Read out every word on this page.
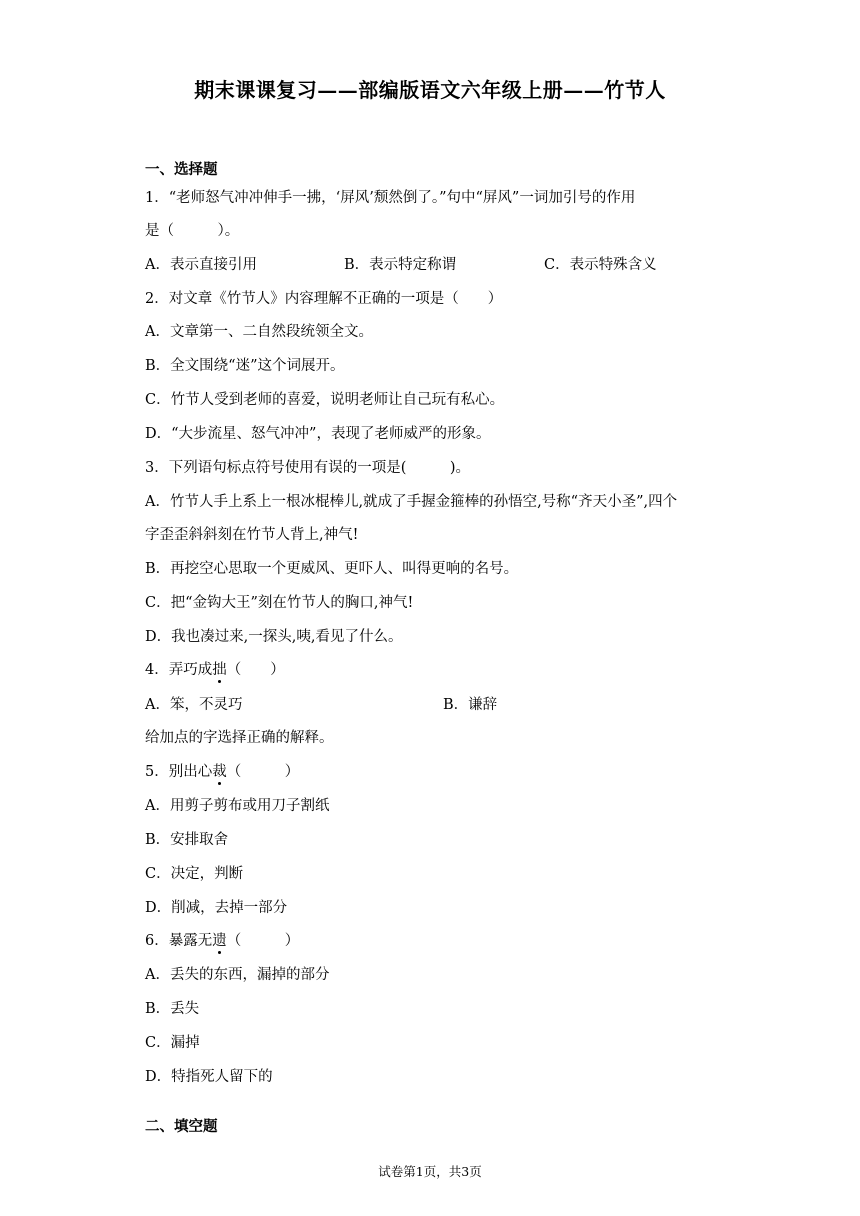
期末课课复习——部编版语文六年级上册——竹节人
一、选择题
1．“老师怒气冲冲伸手一拂，‘屏风’颓然倒了。”句中“屏风”一词加引号的作用
是（　　　）。
A．表示直接引用	B．表示特定称谓	C．表示特殊含义
2．对文章《竹节人》内容理解不正确的一项是（　　）
A．文章第一、二自然段统领全文。
B．全文围绕“迷”这个词展开。
C．竹节人受到老师的喜爱，说明老师让自己玩有私心。
D．“大步流星、怒气冲冲”，表现了老师威严的形象。
3．下列语句标点符号使用有误的一项是(　　　)。
A．竹节人手上系上一根冰棍棒儿,就成了手握金箍棒的孙悟空,号称“齐天小圣”,四个
字歪歪斜斜刻在竹节人背上,神气!
B．再挖空心思取一个更威风、更吓人、叫得更响的名号。
C．把“金钩大王”刻在竹节人的胸口,神气!
D．我也凑过来,一探头,咦,看见了什么。
4．弄巧成拙（　　）
A．笨，不灵巧	B．谦辞
给加点的字选择正确的解释。
5．别出心裁（　　　）
A．用剪子剪布或用刀子割纸
B．安排取舍
C．决定，判断
D．削减，去掉一部分
6．暴露无遗（　　　）
A．丢失的东西，漏掉的部分
B．丢失
C．漏掉
D．特指死人留下的
二、填空题
试卷第1页，共3页
